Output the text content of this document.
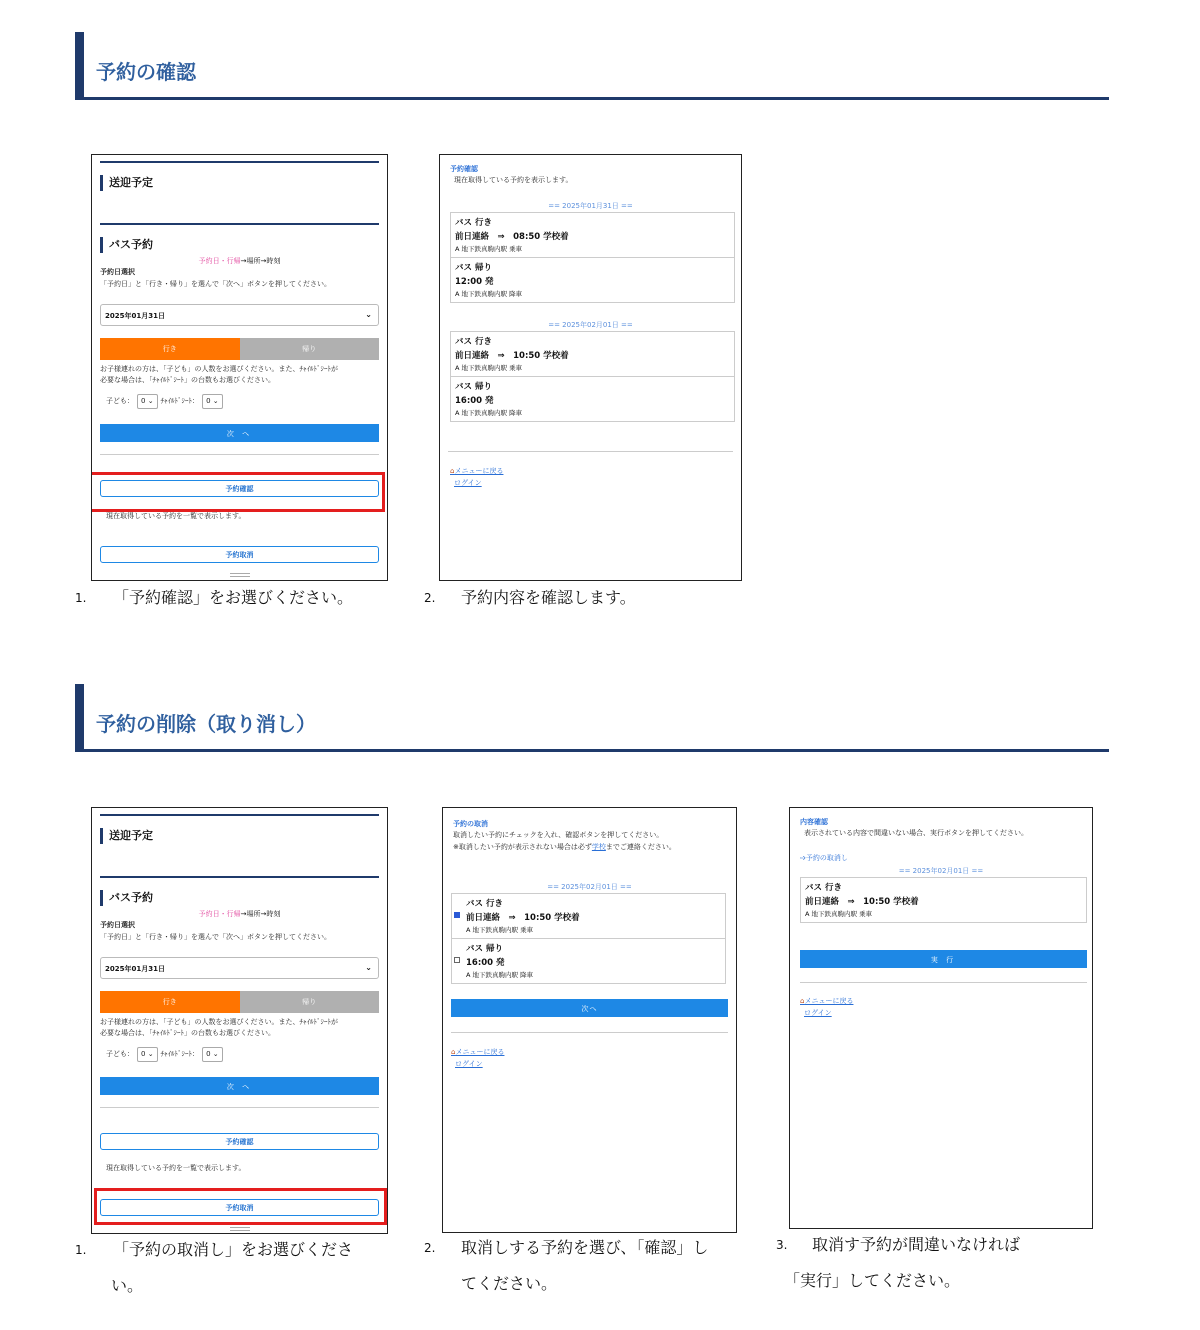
予約の確認
送迎予定
バス予約
予約日・行帰→場所→時刻
予約日選択
「予約日」と「行き・帰り」を選んで「次へ」ボタンを押してください。
2025年01月31日	⌄
行き	帰り
お子様連れの方は、「子ども」の人数をお選びください。また、ﾁｬｲﾙﾄﾞｼｰﾄが
必要な場合は、「ﾁｬｲﾙﾄﾞｼｰﾄ」の台数もお選びください。
子ども： 0 ⌄ ﾁｬｲﾙﾄﾞｼｰﾄ： 0 ⌄
次 へ
予約確認
現在取得している予約を一覧で表示します。
予約取消
予約確認
現在取得している予約を表示します。
== 2025年01月31日 ==
バス 行き
前日連絡　⇒　08:50 学校着
A 地下鉄真駒内駅 乗車
バス 帰り
12:00 発
A 地下鉄真駒内駅 降車
== 2025年02月01日 ==
バス 行き
前日連絡　⇒　10:50 学校着
A 地下鉄真駒内駅 乗車
バス 帰り
16:00 発
A 地下鉄真駒内駅 降車
⌂メニューに戻る
ログイン
1. 「予約確認」をお選びください。	2. 予約内容を確認します。
予約の削除（取り消し）
送迎予定
バス予約
予約日・行帰→場所→時刻
予約日選択
「予約日」と「行き・帰り」を選んで「次へ」ボタンを押してください。
2025年01月31日	⌄
行き	帰り
お子様連れの方は、「子ども」の人数をお選びください。また、ﾁｬｲﾙﾄﾞｼｰﾄが
必要な場合は、「ﾁｬｲﾙﾄﾞｼｰﾄ」の台数もお選びください。
子ども： 0 ⌄ ﾁｬｲﾙﾄﾞｼｰﾄ： 0 ⌄
次 へ
予約確認
現在取得している予約を一覧で表示します。
予約取消
予約の取消
取消したい予約にチェックを入れ、確認ボタンを押してください。
※取消したい予約が表示されない場合は必ず学校までご連絡ください。
== 2025年02月01日 ==
バス 行き
前日連絡　⇒　10:50 学校着
A 地下鉄真駒内駅 乗車
バス 帰り
16:00 発
A 地下鉄真駒内駅 降車
次へ
⌂メニューに戻る
ログイン
内容確認
表示されている内容で間違いない場合、実行ボタンを押してください。
➩予約の取消し
== 2025年02月01日 ==
バス 行き
前日連絡　⇒　10:50 学校着
A 地下鉄真駒内駅 乗車
実 行
⌂メニューに戻る
ログイン
1. 「予約の取消し」をお選びくださ
い。
2. 取消しする予約を選び、「確認」し
てください。
3. 取消す予約が間違いなければ
「実行」してください。
